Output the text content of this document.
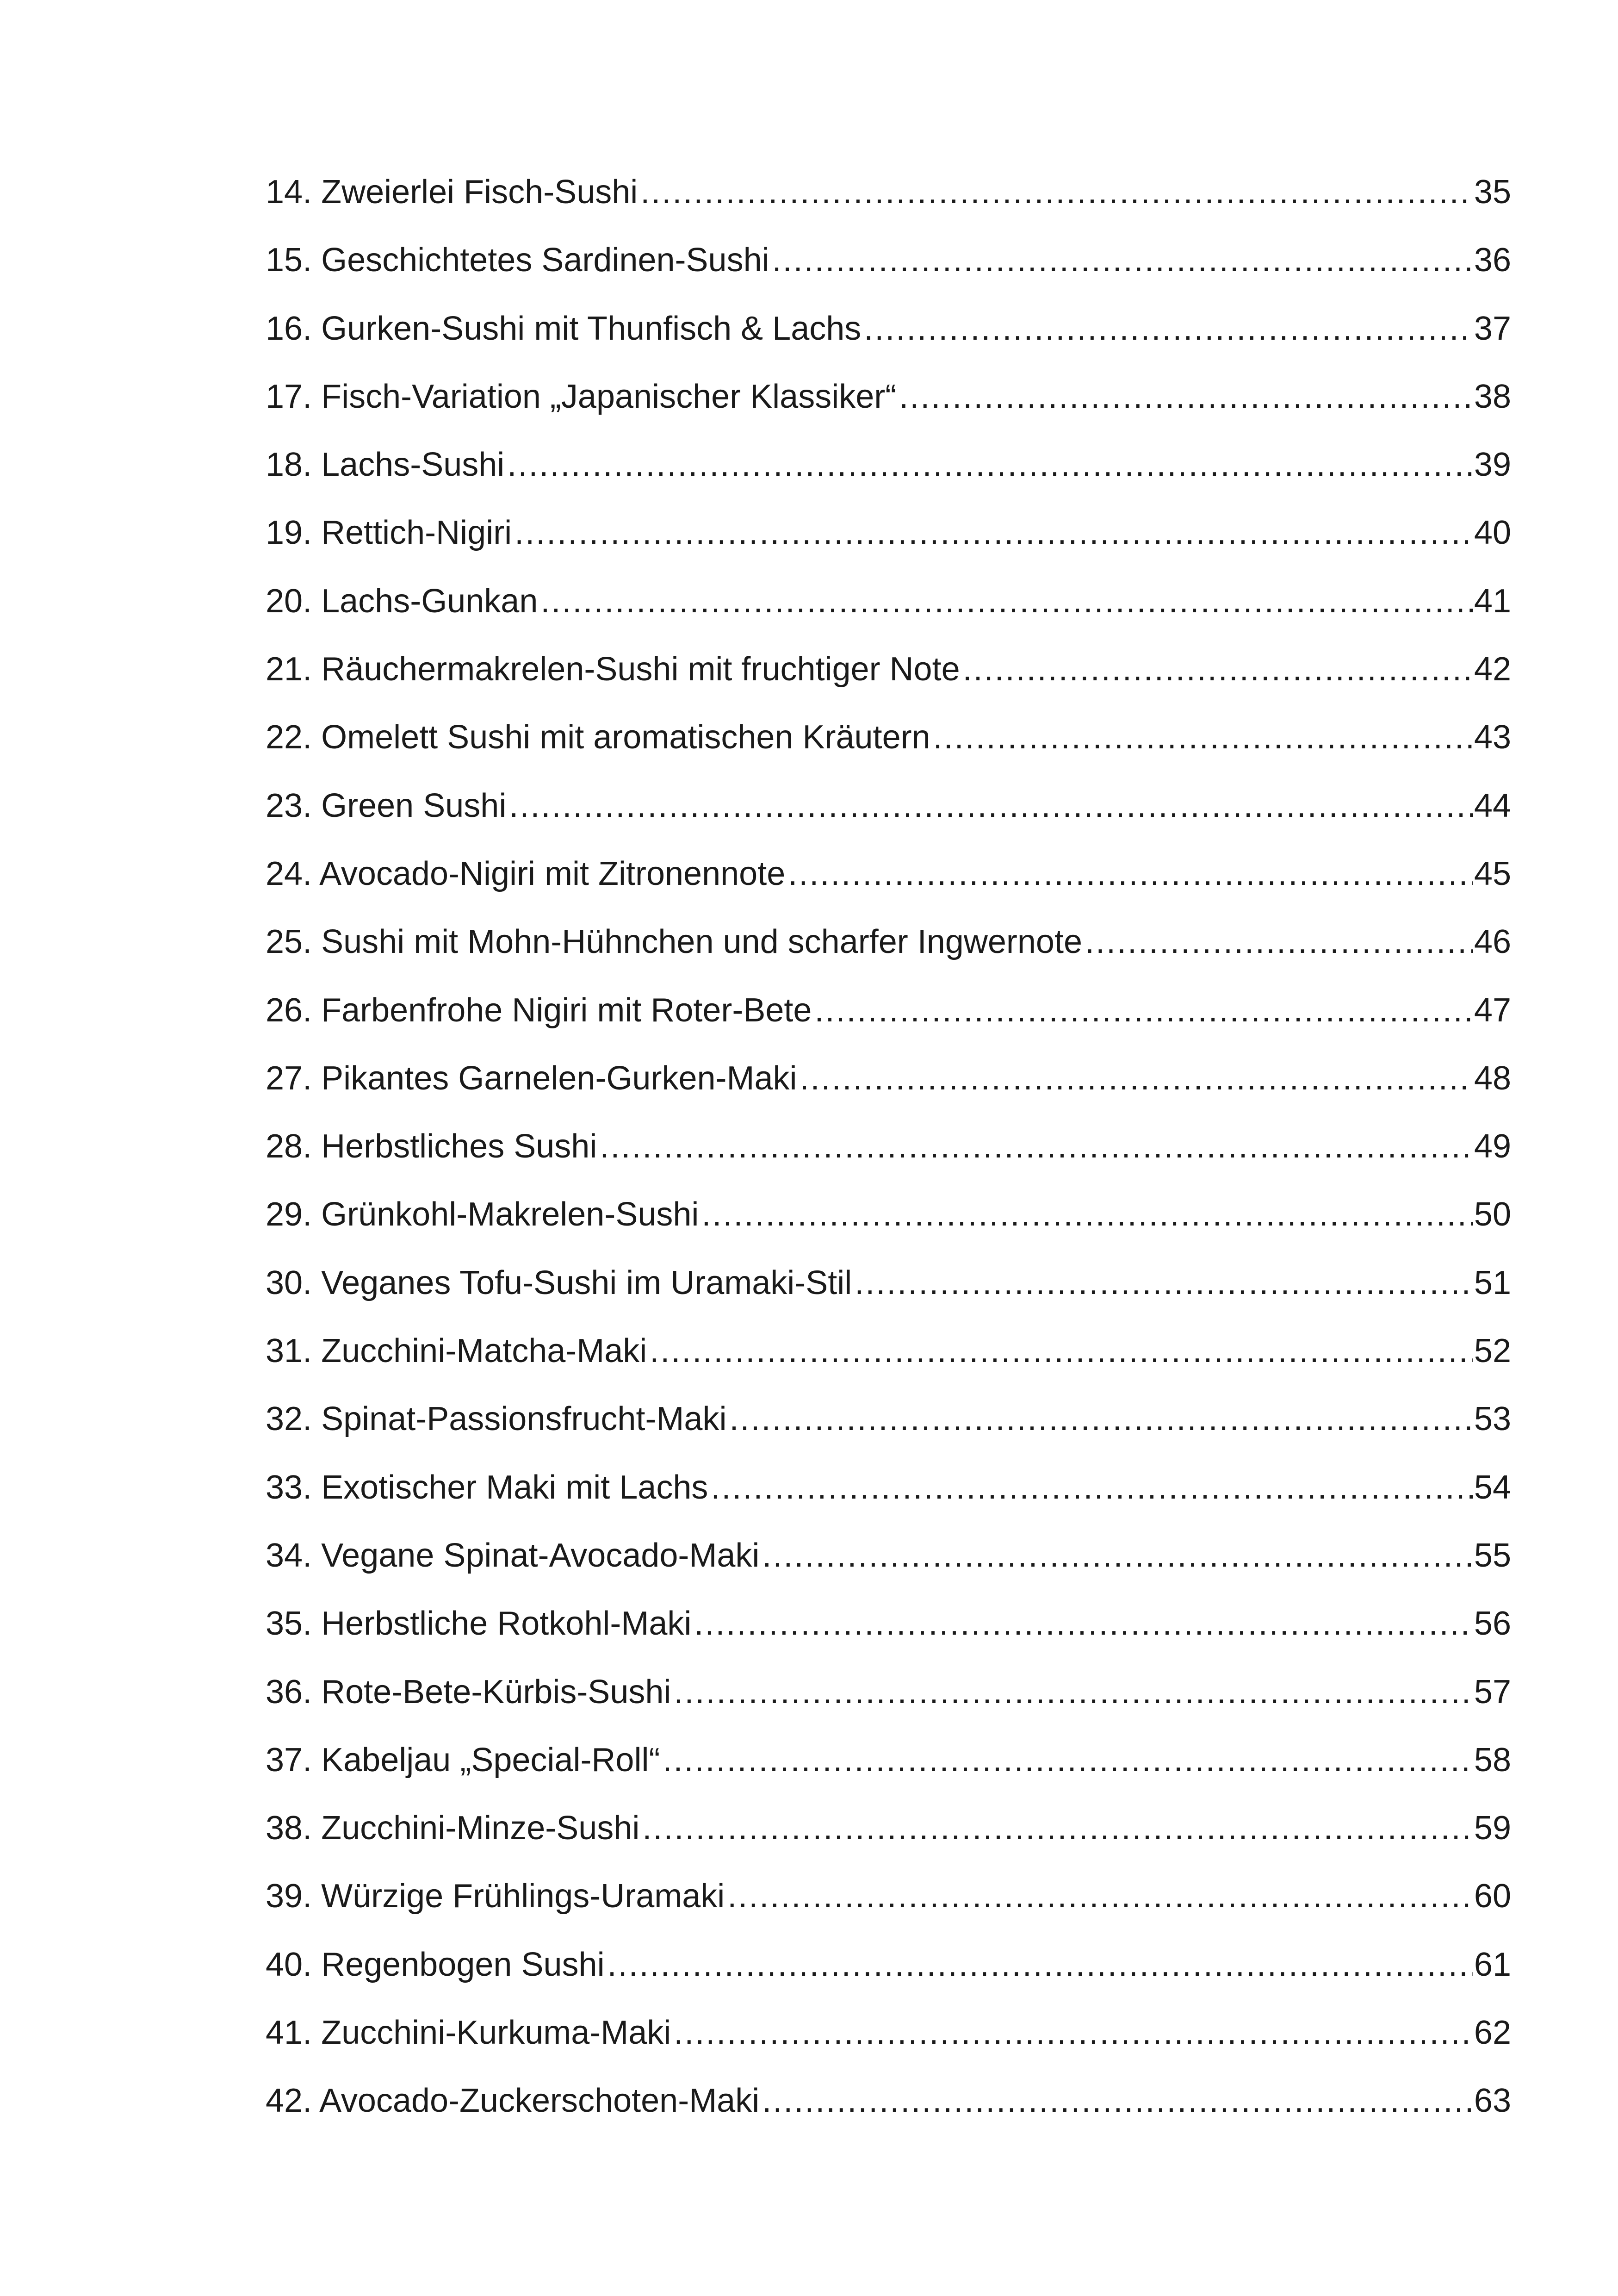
14. Zweierlei Fisch-Sushi .....	35
15. Geschichtetes Sardinen-Sushi .....	36
16. Gurken-Sushi mit Thunfisch & Lachs .....	37
17. Fisch-Variation „Japanischer Klassiker“ .....	38
18. Lachs-Sushi .....	39
19. Rettich-Nigiri .....	40
20. Lachs-Gunkan .....	41
21. Räuchermakrelen-Sushi mit fruchtiger Note .....	42
22. Omelett Sushi mit aromatischen Kräutern .....	43
23. Green Sushi .....	44
24. Avocado-Nigiri mit Zitronennote .....	45
25. Sushi mit Mohn-Hühnchen und scharfer Ingwernote .....	46
26. Farbenfrohe Nigiri mit Roter-Bete .....	47
27. Pikantes Garnelen-Gurken-Maki .....	48
28. Herbstliches Sushi .....	49
29. Grünkohl-Makrelen-Sushi .....	50
30. Veganes Tofu-Sushi im Uramaki-Stil .....	51
31. Zucchini-Matcha-Maki .....	52
32. Spinat-Passionsfrucht-Maki .....	53
33. Exotischer Maki mit Lachs .....	54
34. Vegane Spinat-Avocado-Maki .....	55
35. Herbstliche Rotkohl-Maki .....	56
36. Rote-Bete-Kürbis-Sushi .....	57
37. Kabeljau „Special-Roll“ .....	58
38. Zucchini-Minze-Sushi .....	59
39. Würzige Frühlings-Uramaki .....	60
40. Regenbogen Sushi .....	61
41. Zucchini-Kurkuma-Maki .....	62
42. Avocado-Zuckerschoten-Maki .....	63
